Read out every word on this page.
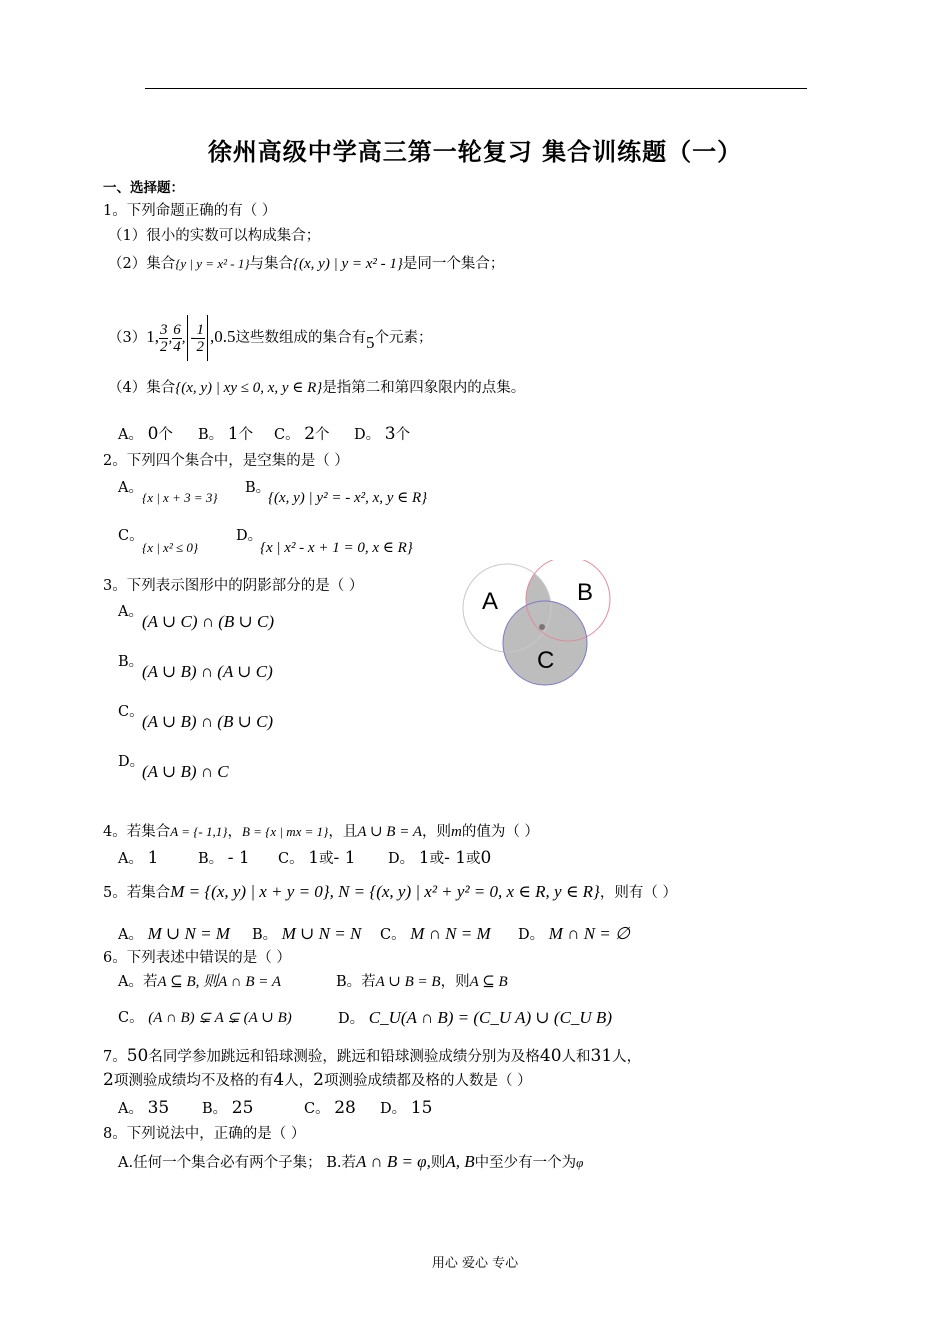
徐州高级中学高三第一轮复习 集合训练题（一）
一、选择题：
1。下列命题正确的有（ ）
（1）很小的实数可以构成集合；
（2）集合{y | y = x² - 1}与集合{(x, y) | y = x² - 1}是同一个集合；
（3）1, $\frac{3}{2}$ , $\frac{6}{4}$ , - $\frac{1}{2} ,0.5$这些数组成的集合有5个元素；
（4）集合{(x, y) | xy ≤ 0, x, y ∈ R}是指第二和第四象限内的点集。
A。 0个 B。 1个 C。 2个 D。 3个
2。下列四个集合中，是空集的是（ ）
A。
{x | x + 3 = 3}
B。
{(x, y) | y² = - x², x, y ∈ R}
C。
{x | x² ≤ 0}
D。
{x | x² - x + 1 = 0, x ∈ R}
3。下列表示图形中的阴影部分的是（ ）
A。 (A ∪ C) ∩ (B ∪ C)
B。
(A ∪ B) ∩ (A ∪ C)
C。
(A ∪ B) ∩ (B ∪ C)
D。
(A ∪ B) ∩ C
A	B
C
4。若集合A = {- 1,1}，B = {x | mx = 1}，且A ∪ B = A，则m的值为（ ）
A。 1	B。 - 1 C。 1或- 1 D。 1或- 1或0
5。若集合M = {(x, y) | x + y = 0}, N = {(x, y) | x² + y² = 0, x ∈ R, y ∈ R}，则有（ ）
A。 M ∪ N = M B。 M ∪ N = N C。 M ∩ N = M D。 M ∩ N = ∅
6。下列表述中错误的是（ ）
A。若A ⊆ B, 则A ∩ B = A	B。若A ∪ B = B，则A ⊆ B
C。 (A ∩ B) ⊊ A ⊊ (A ∪ B)	D。 C_U(A ∩ B) = (C_U A) ∪ (C_U B)
7。50名同学参加跳远和铅球测验，跳远和铅球测验成绩分别为及格40人和31人，
2项测验成绩均不及格的有4人，2项测验成绩都及格的人数是（ ）
A。 35 B。 25	C。 28 D。 15
8。下列说法中，正确的是（ ）
A.任何一个集合必有两个子集； B.若A ∩ B = φ,则A, B中至少有一个为φ
用心 爱心 专心
